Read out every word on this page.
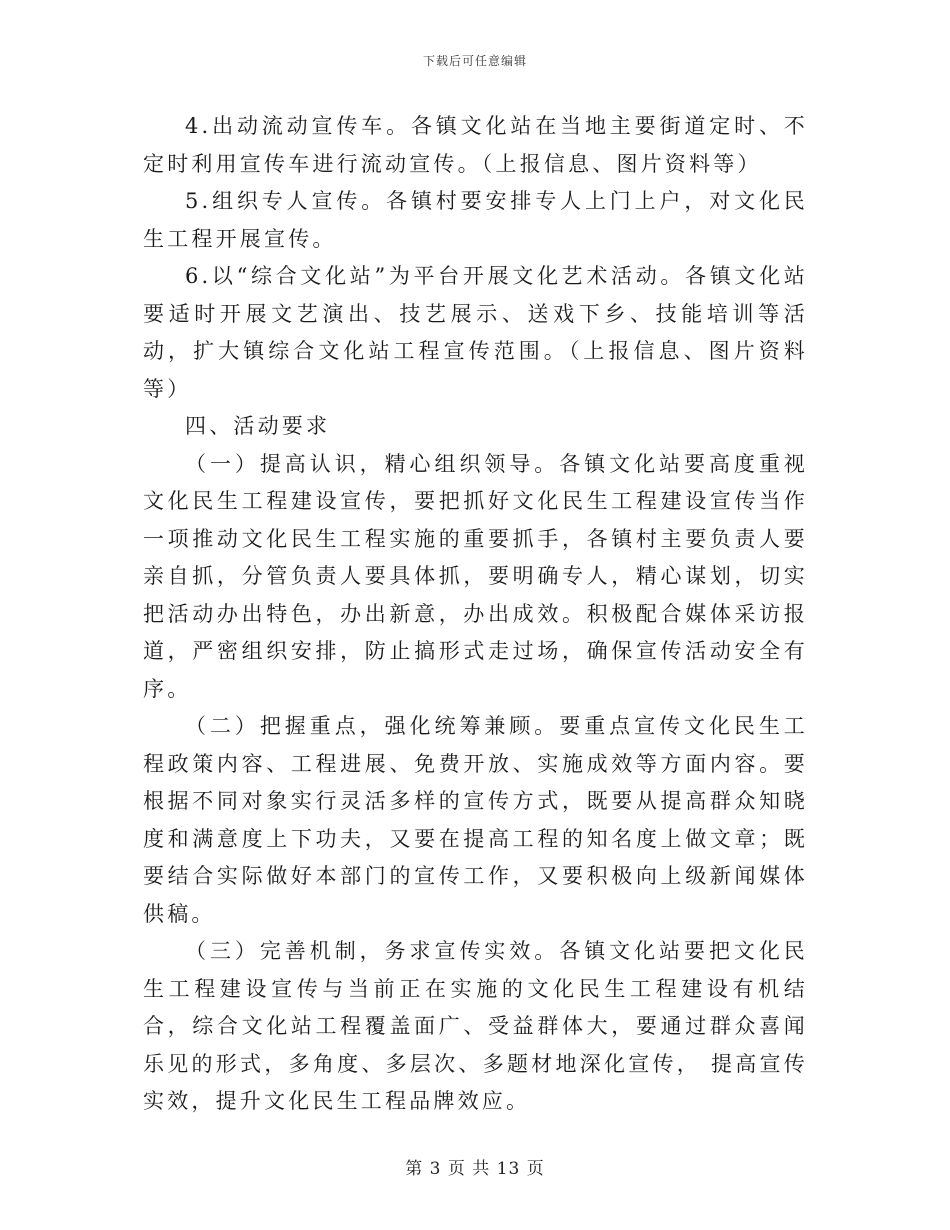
下载后可任意编辑

4.出动流动宣传车。各镇文化站在当地主要街道定时、不定时利用宣传车进行流动宣传。（上报信息、图片资料等）

5.组织专人宣传。各镇村要安排专人上门上户，对文化民生工程开展宣传。

6.以“综合文化站”为平台开展文化艺术活动。各镇文化站要适时开展文艺演出、技艺展示、送戏下乡、技能培训等活动，扩大镇综合文化站工程宣传范围。（上报信息、图片资料等）

四、活动要求

（一）提高认识，精心组织领导。各镇文化站要高度重视文化民生工程建设宣传，要把抓好文化民生工程建设宣传当作一项推动文化民生工程实施的重要抓手，各镇村主要负责人要亲自抓，分管负责人要具体抓，要明确专人，精心谋划，切实把活动办出特色，办出新意，办出成效。积极配合媒体采访报道，严密组织安排，防止搞形式走过场，确保宣传活动安全有序。

（二）把握重点，强化统筹兼顾。要重点宣传文化民生工程政策内容、工程进展、免费开放、实施成效等方面内容。要根据不同对象实行灵活多样的宣传方式，既要从提高群众知晓度和满意度上下功夫，又要在提高工程的知名度上做文章；既要结合实际做好本部门的宣传工作，又要积极向上级新闻媒体供稿。

（三）完善机制，务求宣传实效。各镇文化站要把文化民生工程建设宣传与当前正在实施的文化民生工程建设有机结合，综合文化站工程覆盖面广、受益群体大，要通过群众喜闻乐见的形式，多角度、多层次、多题材地深化宣传， 提高宣传实效，提升文化民生工程品牌效应。

第 3 页 共 13 页
